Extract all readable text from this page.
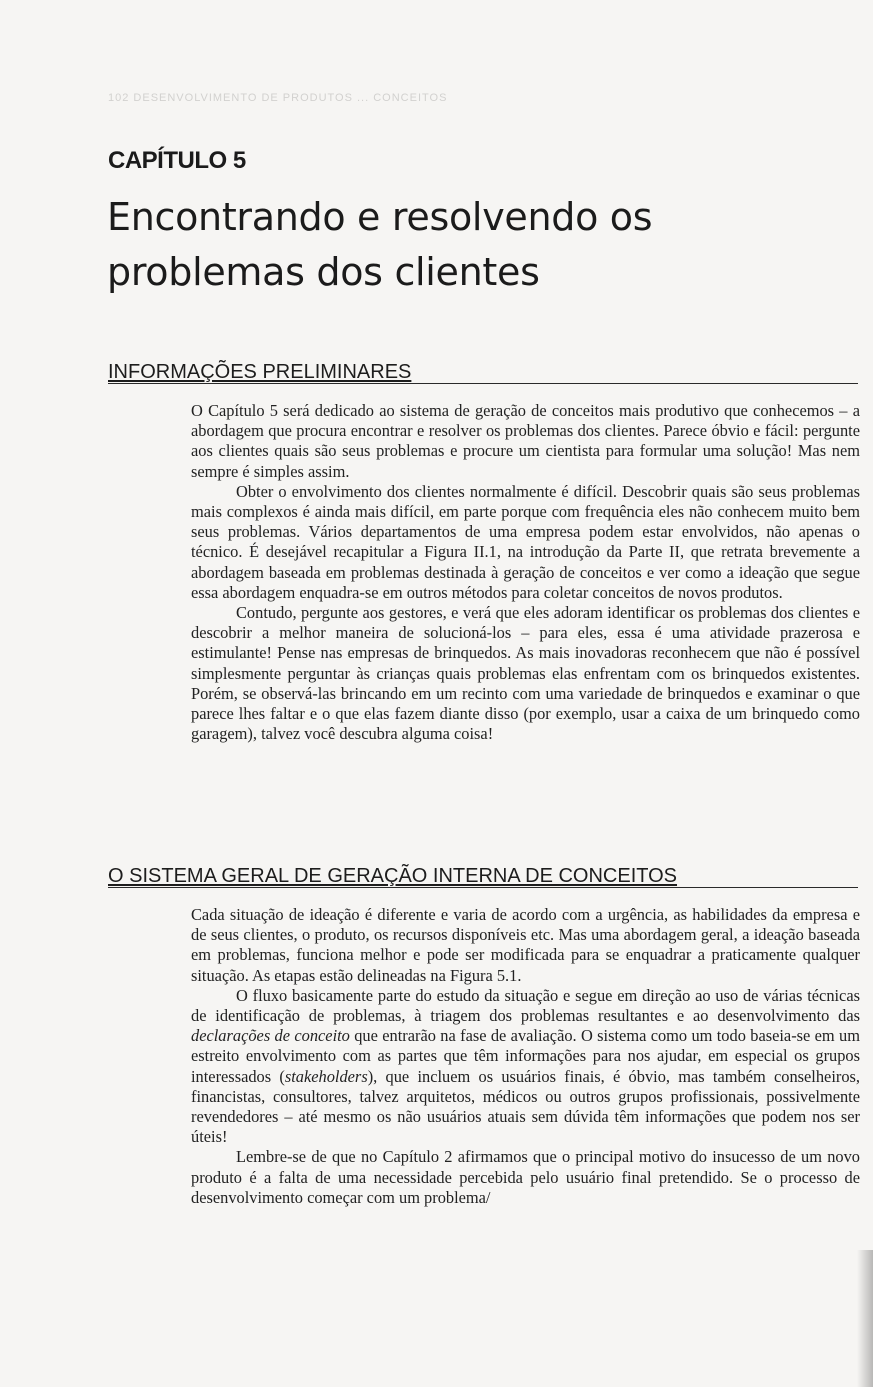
102 DESENVOLVIMENTO DE PRODUTOS ... CONCEITOS
CAPÍTULO 5
Encontrando e resolvendo os problemas dos clientes
INFORMAÇÕES PRELIMINARES

O Capítulo 5 será dedicado ao sistema de geração de conceitos mais produtivo que conhecemos – a abordagem que procura encontrar e resolver os problemas dos clientes. Parece óbvio e fácil: pergunte aos clientes quais são seus problemas e procure um cientista para formular uma solução! Mas nem sempre é simples assim.

Obter o envolvimento dos clientes normalmente é difícil. Descobrir quais são seus problemas mais complexos é ainda mais difícil, em parte porque com frequência eles não conhecem muito bem seus problemas. Vários departamentos de uma empresa podem estar envolvidos, não apenas o técnico. É desejável recapitular a Figura II.1, na introdução da Parte II, que retrata brevemente a abordagem baseada em problemas destinada à geração de conceitos e ver como a ideação que segue essa abordagem enquadra-se em outros métodos para coletar conceitos de novos produtos.

Contudo, pergunte aos gestores, e verá que eles adoram identificar os problemas dos clientes e descobrir a melhor maneira de solucioná-los – para eles, essa é uma atividade prazerosa e estimulante! Pense nas empresas de brinquedos. As mais inovadoras reconhecem que não é possível simplesmente perguntar às crianças quais problemas elas enfrentam com os brinquedos existentes. Porém, se observá-las brincando em um recinto com uma variedade de brinquedos e examinar o que parece lhes faltar e o que elas fazem diante disso (por exemplo, usar a caixa de um brinquedo como garagem), talvez você descubra alguma coisa!

O SISTEMA GERAL DE GERAÇÃO INTERNA DE CONCEITOS

Cada situação de ideação é diferente e varia de acordo com a urgência, as habilidades da empresa e de seus clientes, o produto, os recursos disponíveis etc. Mas uma abordagem geral, a ideação baseada em problemas, funciona melhor e pode ser modificada para se enquadrar a praticamente qualquer situação. As etapas estão delineadas na Figura 5.1.

O fluxo basicamente parte do estudo da situação e segue em direção ao uso de várias técnicas de identificação de problemas, à triagem dos problemas resultantes e ao desenvolvimento das declarações de conceito que entrarão na fase de avaliação. O sistema como um todo baseia-se em um estreito envolvimento com as partes que têm informações para nos ajudar, em especial os grupos interessados (stakeholders), que incluem os usuários finais, é óbvio, mas também conselheiros, financistas, consultores, talvez arquitetos, médicos ou outros grupos profissionais, possivelmente revendedores – até mesmo os não usuários atuais sem dúvida têm informações que podem nos ser úteis!

Lembre-se de que no Capítulo 2 afirmamos que o principal motivo do insucesso de um novo produto é a falta de uma necessidade percebida pelo usuário final pretendido. Se o processo de desenvolvimento começar com um problema/
